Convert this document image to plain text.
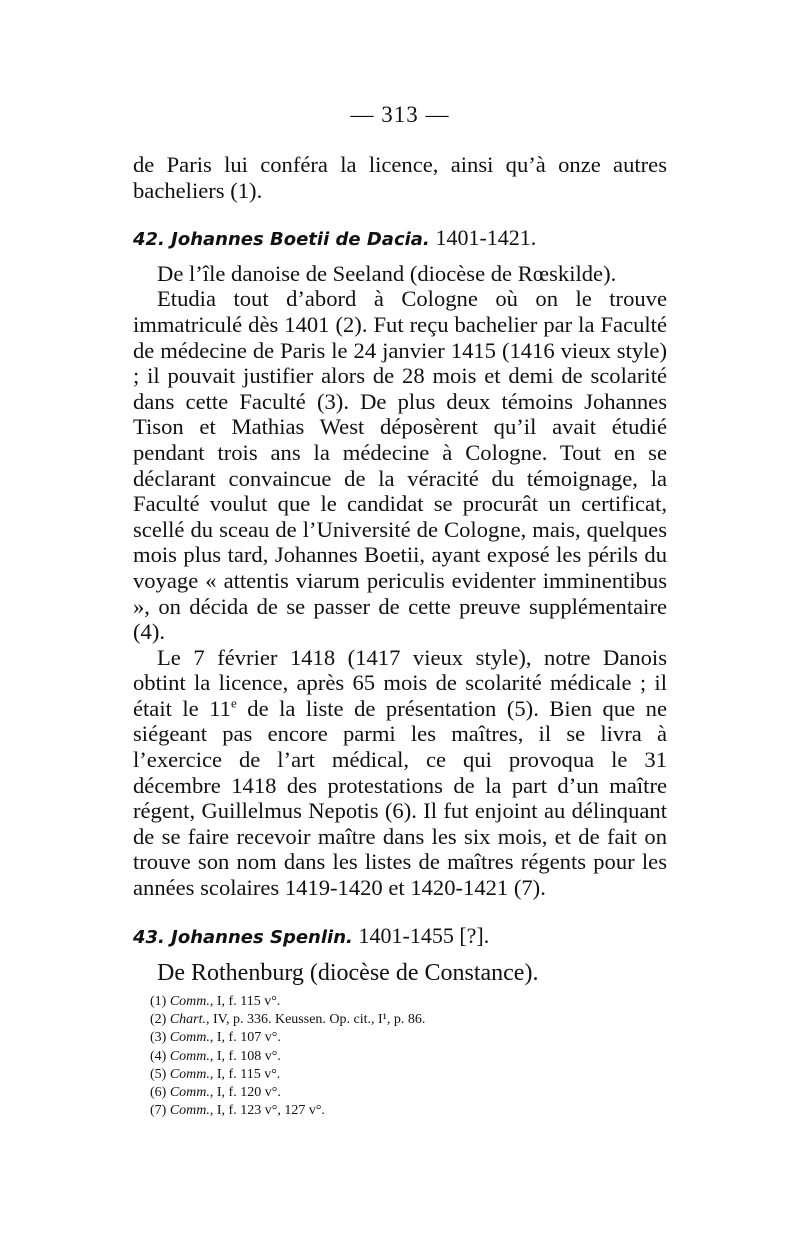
— 313 —

de Paris lui conféra la licence, ainsi qu’à onze autres bacheliers (1).

42. Johannes Boetii de Dacia. 1401-1421.

De l’île danoise de Seeland (diocèse de Rœskilde).

Etudia tout d’abord à Cologne où on le trouve immatriculé dès 1401 (2). Fut reçu bachelier par la Faculté de médecine de Paris le 24 janvier 1415 (1416 vieux style) ; il pouvait justifier alors de 28 mois et demi de scolarité dans cette Faculté (3). De plus deux témoins Johannes Tison et Mathias West déposèrent qu’il avait étudié pendant trois ans la médecine à Cologne. Tout en se déclarant convaincue de la véracité du témoignage, la Faculté voulut que le candidat se procurât un certificat, scellé du sceau de l’Université de Cologne, mais, quelques mois plus tard, Johannes Boetii, ayant exposé les périls du voyage « attentis viarum periculis evidenter imminentibus », on décida de se passer de cette preuve supplémentaire (4).

Le 7 février 1418 (1417 vieux style), notre Danois obtint la licence, après 65 mois de scolarité médicale ; il était le 11e de la liste de présentation (5). Bien que ne siégeant pas encore parmi les maîtres, il se livra à l’exercice de l’art médical, ce qui provoqua le 31 décembre 1418 des protestations de la part d’un maître régent, Guillelmus Nepotis (6). Il fut enjoint au délinquant de se faire recevoir maître dans les six mois, et de fait on trouve son nom dans les listes de maîtres régents pour les années scolaires 1419-1420 et 1420-1421 (7).

43. Johannes Spenlin. 1401-1455 [?].

De Rothenburg (diocèse de Constance).

(1) Comm., I, f. 115 v°.
(2) Chart., IV, p. 336. Keussen. Op. cit., I¹, p. 86.
(3) Comm., I, f. 107 v°.
(4) Comm., I, f. 108 v°.
(5) Comm., I, f. 115 v°.
(6) Comm., I, f. 120 v°.
(7) Comm., I, f. 123 v°, 127 v°.
